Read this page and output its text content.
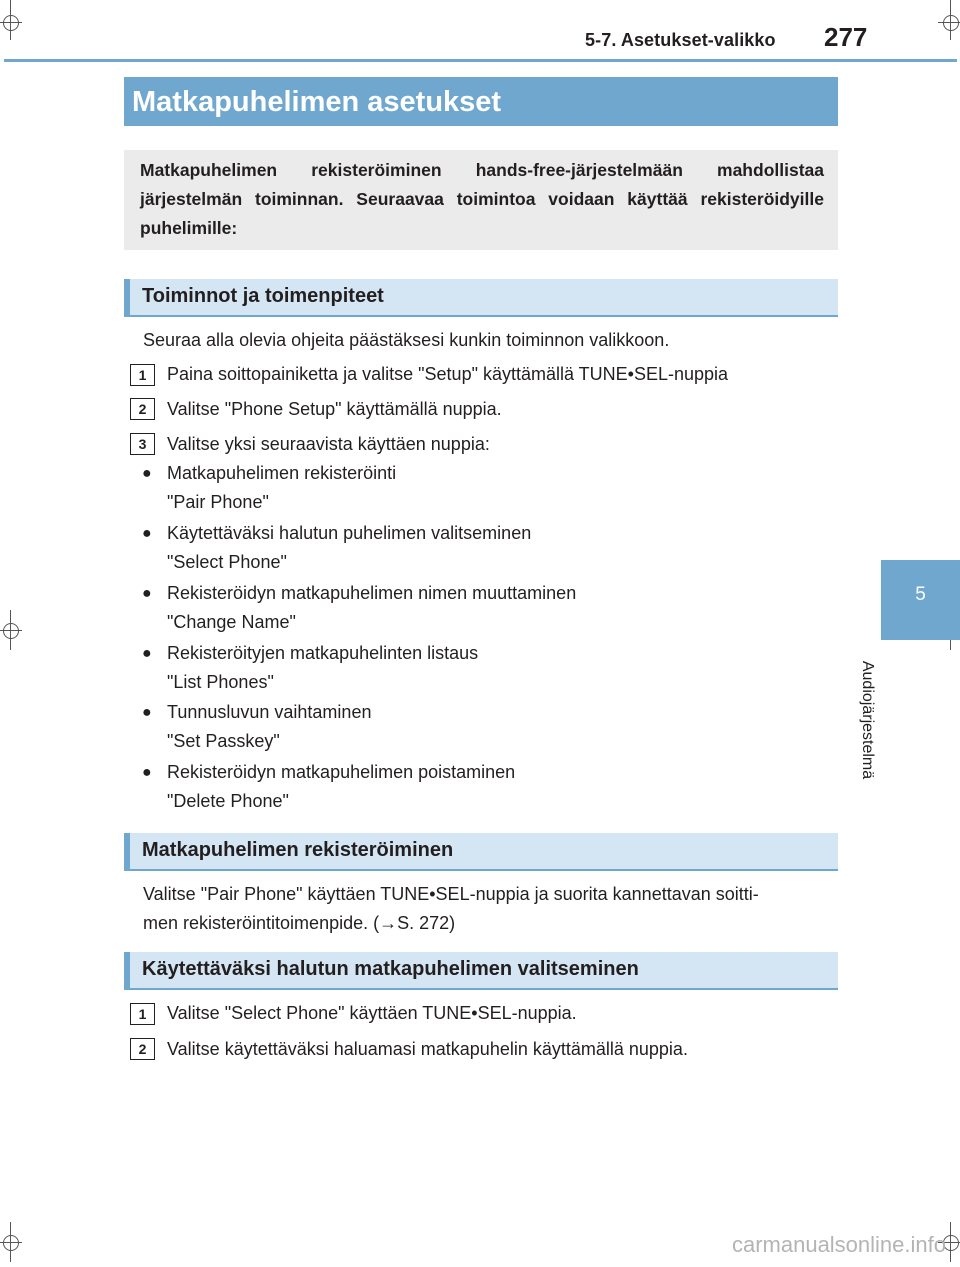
5-7. Asetukset-valikko 277
5
Audiojärjestelmä
Matkapuhelimen asetukset

Matkapuhelimen rekisteröiminen hands-free-järjestelmään mahdollistaa järjestelmän toiminnan. Seuraavaa toimintoa voidaan käyttää rekisteröidyille puhelimille:

Toiminnot ja toimenpiteet
Seuraa alla olevia ohjeita päästäksesi kunkin toiminnon valikkoon.
1	Paina soittopainiketta ja valitse "Setup" käyttämällä TUNE•SEL-nuppia
2	Valitse "Phone Setup" käyttämällä nuppia.
3	Valitse yksi seuraavista käyttäen nuppia:
● Matkapuhelimen rekisteröinti
"Pair Phone"
● Käytettäväksi halutun puhelimen valitseminen
"Select Phone"
● Rekisteröidyn matkapuhelimen nimen muuttaminen
"Change Name"
● Rekisteröityjen matkapuhelinten listaus
"List Phones"
● Tunnusluvun vaihtaminen
"Set Passkey"
● Rekisteröidyn matkapuhelimen poistaminen
"Delete Phone"
Matkapuhelimen rekisteröiminen
Valitse "Pair Phone" käyttäen TUNE•SEL-nuppia ja suorita kannettavan soitti-
men rekisteröintitoimenpide. (→S. 272)
Käytettäväksi halutun matkapuhelimen valitseminen
1	Valitse "Select Phone" käyttäen TUNE•SEL-nuppia.
2	Valitse käytettäväksi haluamasi matkapuhelin käyttämällä nuppia.
carmanualsonline.info
